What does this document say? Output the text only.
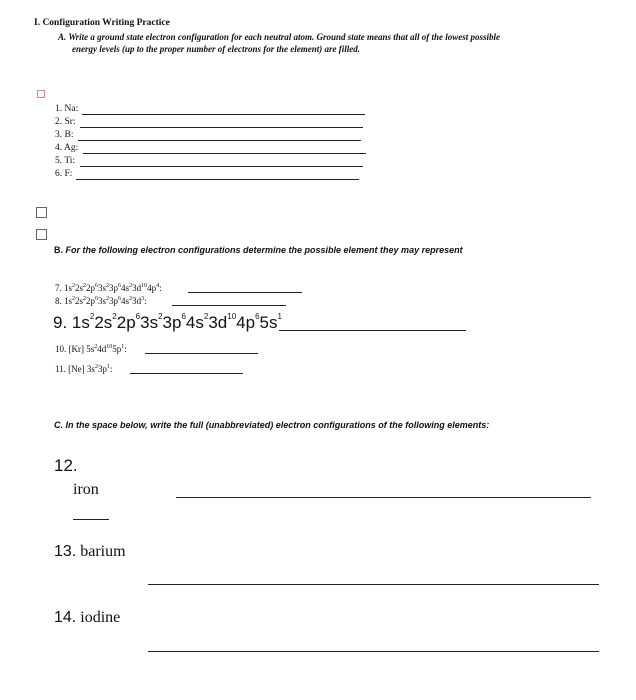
I. Configuration Writing Practice
A. Write a ground state electron configuration for each neutral atom. Ground state means that all of the lowest possible
energy levels (up to the proper number of electrons for the element) are filled.
1. Na:
2. Sr:
3. B:
4. Ag:
5. Ti:
6. F:
B. For the following electron configurations determine the possible element they may represent
7. $1s^22s^22p^63s^23p^64s^23d^{10}4p^4$:
8. $1s^22s^22p^63s^23p^64s^23d^3$:
9. $1s^22s^22p^63s^23p^64s^23d^{10}4p^65s^1$
10. [Kr] $5s^24d^{10}5p^1$:
11. [Ne] $3s^23p^1$:
C. In the space below, write the full (unabbreviated) electron configurations of the following elements:
12.
iron
13. barium
14. iodine
